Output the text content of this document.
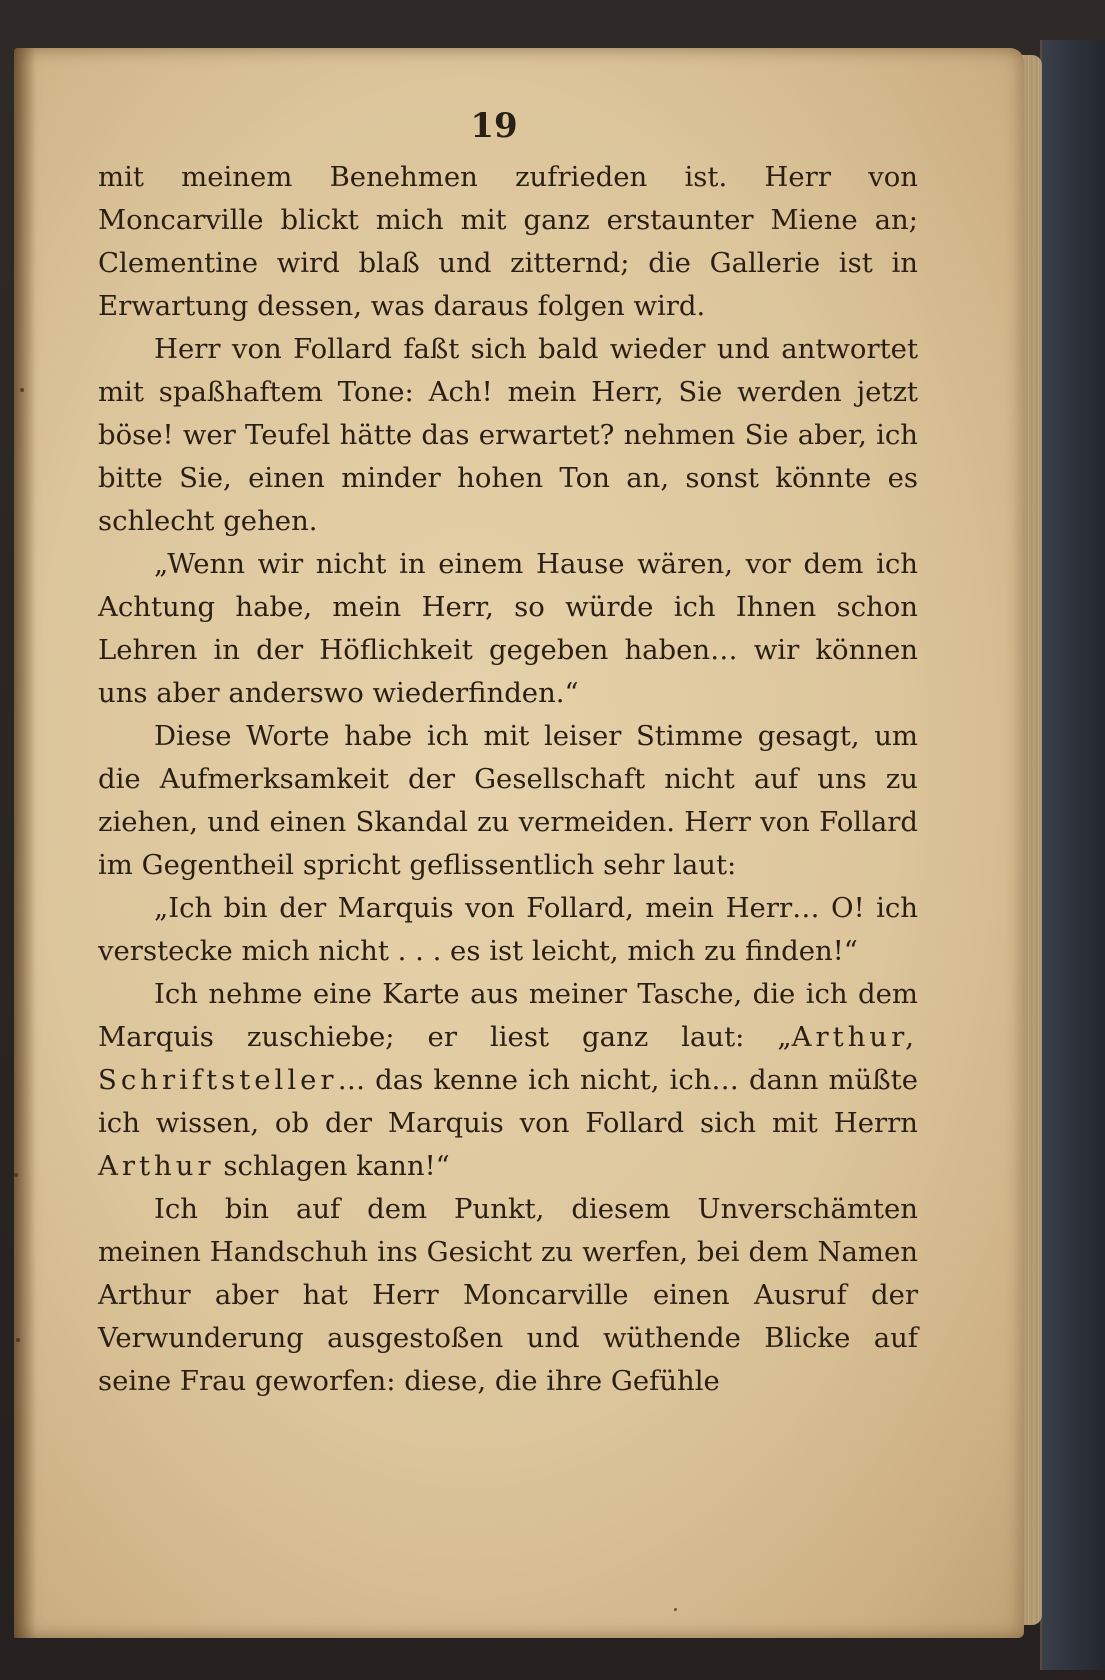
19

mit meinem Benehmen zufrieden ist. Herr von Moncarville blickt mich mit ganz erstaunter Miene an; Clementine wird blaß und zitternd; die Gallerie ist in Erwartung dessen, was daraus folgen wird.

Herr von Follard faßt sich bald wieder und antwortet mit spaßhaftem Tone: Ach! mein Herr, Sie werden jetzt böse! wer Teufel hätte das erwartet? nehmen Sie aber, ich bitte Sie, einen minder hohen Ton an, sonst könnte es schlecht gehen.

„Wenn wir nicht in einem Hause wären, vor dem ich Achtung habe, mein Herr, so würde ich Ihnen schon Lehren in der Höflichkeit gegeben haben… wir können uns aber anderswo wiederfinden.“

Diese Worte habe ich mit leiser Stimme gesagt, um die Aufmerksamkeit der Gesellschaft nicht auf uns zu ziehen, und einen Skandal zu vermeiden. Herr von Follard im Gegentheil spricht geflissentlich sehr laut:

„Ich bin der Marquis von Follard, mein Herr… O! ich verstecke mich nicht . . . es ist leicht, mich zu finden!“

Ich nehme eine Karte aus meiner Tasche, die ich dem Marquis zuschiebe; er liest ganz laut: „Arthur, Schriftsteller… das kenne ich nicht, ich… dann müßte ich wissen, ob der Marquis von Follard sich mit Herrn Arthur schlagen kann!“

Ich bin auf dem Punkt, diesem Unverschämten meinen Handschuh ins Gesicht zu werfen, bei dem Namen Arthur aber hat Herr Moncarville einen Ausruf der Verwunderung ausgestoßen und wüthende Blicke auf seine Frau geworfen: diese, die ihre Gefühle
